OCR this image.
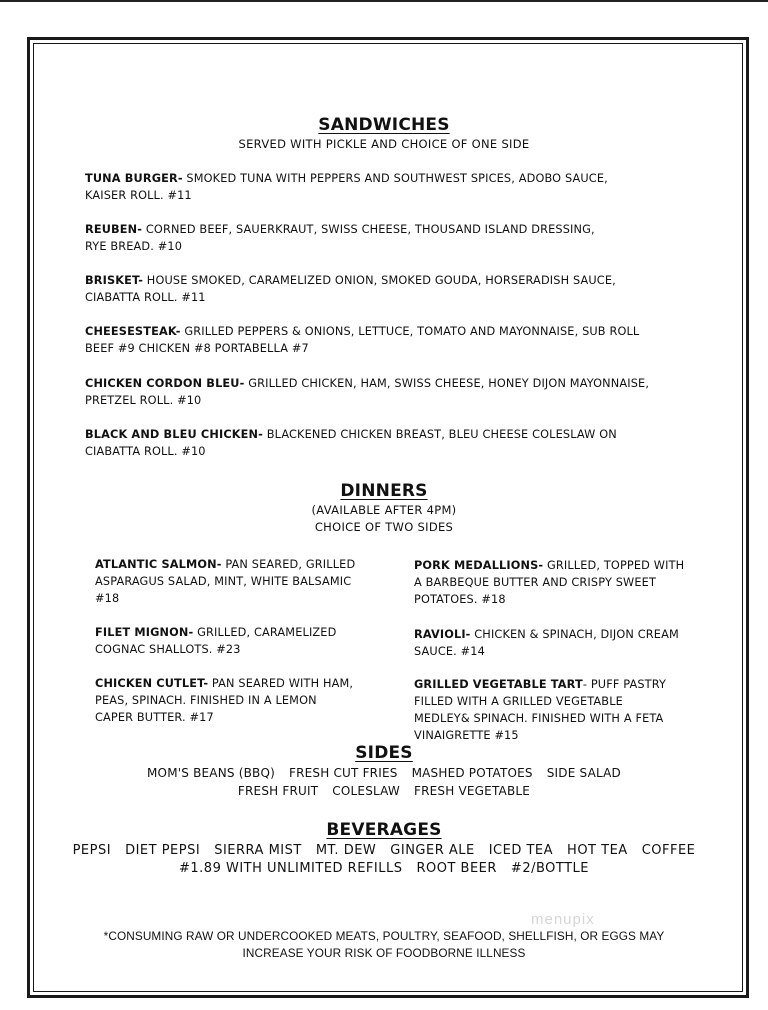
SANDWICHES
SERVED WITH PICKLE AND CHOICE OF ONE SIDE
TUNA BURGER- SMOKED TUNA WITH PEPPERS AND SOUTHWEST SPICES, ADOBO SAUCE,
KAISER ROLL. #11
REUBEN- CORNED BEEF, SAUERKRAUT, SWISS CHEESE, THOUSAND ISLAND DRESSING,
RYE BREAD. #10
BRISKET- HOUSE SMOKED, CARAMELIZED ONION, SMOKED GOUDA, HORSERADISH SAUCE,
CIABATTA ROLL. #11
CHEESESTEAK- GRILLED PEPPERS & ONIONS, LETTUCE, TOMATO AND MAYONNAISE, SUB ROLL
BEEF #9 CHICKEN #8 PORTABELLA #7
CHICKEN CORDON BLEU- GRILLED CHICKEN, HAM, SWISS CHEESE, HONEY DIJON MAYONNAISE,
PRETZEL ROLL. #10
BLACK AND BLEU CHICKEN- BLACKENED CHICKEN BREAST, BLEU CHEESE COLESLAW ON
CIABATTA ROLL. #10
DINNERS
(AVAILABLE AFTER 4PM)
CHOICE OF TWO SIDES
ATLANTIC SALMON- PAN SEARED, GRILLED
ASPARAGUS SALAD, MINT, WHITE BALSAMIC
#18
FILET MIGNON- GRILLED, CARAMELIZED
COGNAC SHALLOTS. #23
CHICKEN CUTLET- PAN SEARED WITH HAM,
PEAS, SPINACH. FINISHED IN A LEMON
CAPER BUTTER. #17
PORK MEDALLIONS- GRILLED, TOPPED WITH
A BARBEQUE BUTTER AND CRISPY SWEET
POTATOES. #18
RAVIOLI- CHICKEN & SPINACH, DIJON CREAM
SAUCE. #14
GRILLED VEGETABLE TART- PUFF PASTRY
FILLED WITH A GRILLED VEGETABLE
MEDLEY& SPINACH. FINISHED WITH A FETA
VINAIGRETTE #15
SIDES
MOM'S BEANS (BBQ) FRESH CUT FRIES MASHED POTATOES SIDE SALAD
FRESH FRUIT COLESLAW FRESH VEGETABLE
BEVERAGES
PEPSI DIET PEPSI SIERRA MIST MT. DEW GINGER ALE ICED TEA HOT TEA COFFEE
#1.89 WITH UNLIMITED REFILLS ROOT BEER #2/BOTTLE
menupix
*CONSUMING RAW OR UNDERCOOKED MEATS, POULTRY, SEAFOOD, SHELLFISH, OR EGGS MAY
INCREASE YOUR RISK OF FOODBORNE ILLNESS
